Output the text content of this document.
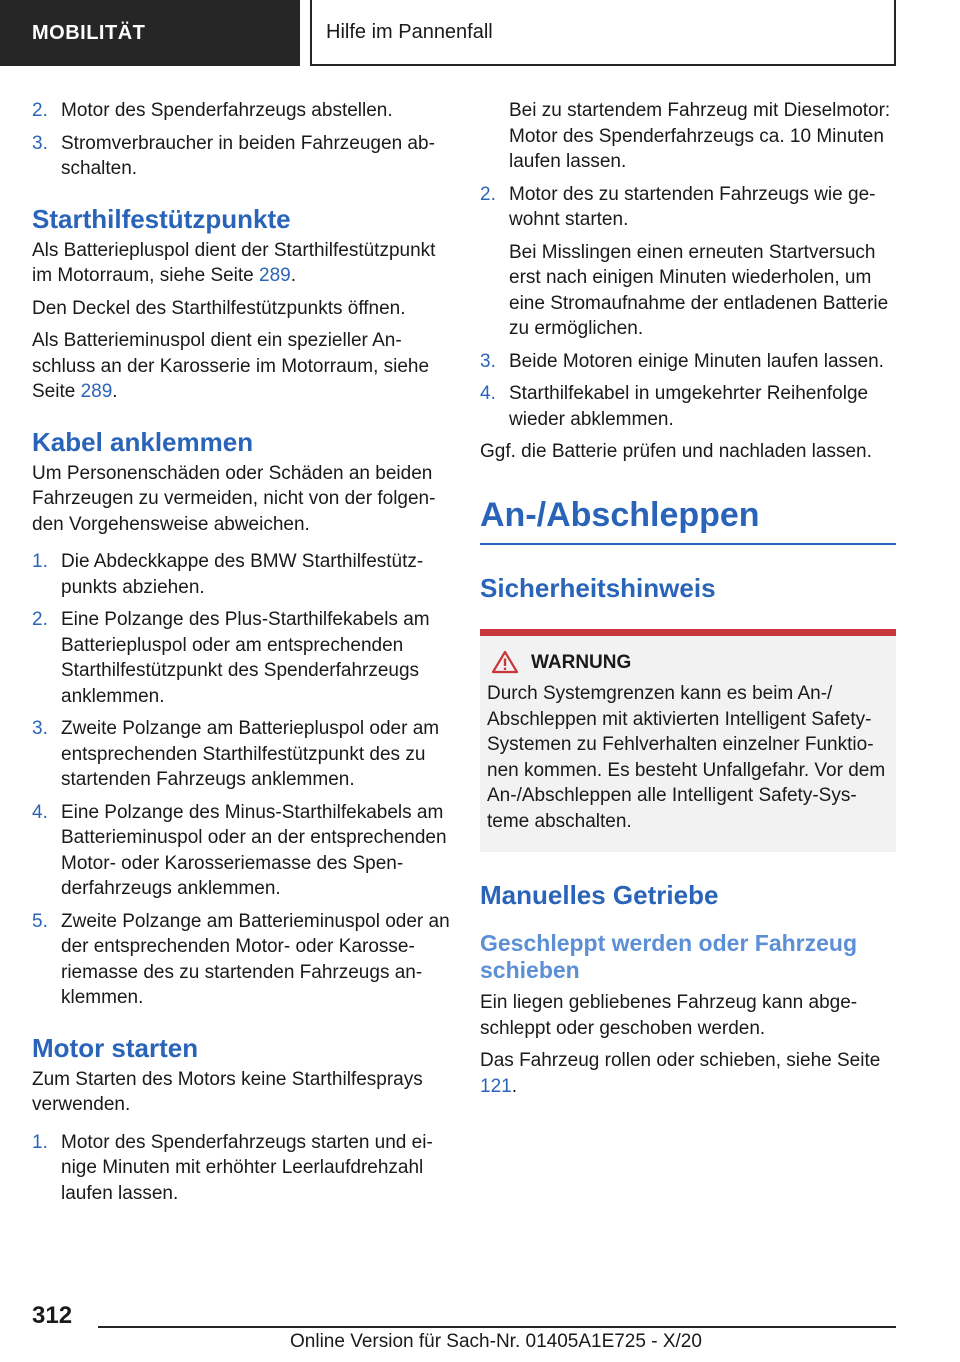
MOBILITÄT	Hilfe im Pannenfall
2. Motor des Spenderfahrzeugs abstellen.
3. Stromverbraucher in beiden Fahrzeugen abschalten.
Starthilfestützpunkte

Als Batteriepluspol dient der Starthilfestützpunkt im Motorraum, siehe Seite 289.

Den Deckel des Starthilfestützpunkts öffnen.

Als Batterieminuspol dient ein spezieller Anschluss an der Karosserie im Motorraum, siehe Seite 289.

Kabel anklemmen

Um Personenschäden oder Schäden an beiden Fahrzeugen zu vermeiden, nicht von der folgenden Vorgehensweise abweichen.

1. Die Abdeckkappe des BMW Starthilfestützpunkts abziehen.
2. Eine Polzange des Plus-Starthilfekabels am Batteriepluspol oder am entsprechenden Starthilfestützpunkt des Spenderfahrzeugs anklemmen.
3. Zweite Polzange am Batteriepluspol oder am entsprechenden Starthilfestützpunkt des zu startenden Fahrzeugs anklemmen.
4. Eine Polzange des Minus-Starthilfekabels am Batterieminuspol oder an der entsprechenden Motor- oder Karosseriemasse des Spenderfahrzeugs anklemmen.
5. Zweite Polzange am Batterieminuspol oder an der entsprechenden Motor- oder Karosseriemasse des zu startenden Fahrzeugs anklemmen.
Motor starten

Zum Starten des Motors keine Starthilfesprays verwenden.

1. Motor des Spenderfahrzeugs starten und einige Minuten mit erhöhter Leerlaufdrehzahl laufen lassen.
Bei zu startendem Fahrzeug mit Dieselmotor: Motor des Spenderfahrzeugs ca. 10 Minuten laufen lassen.
2. Motor des zu startenden Fahrzeugs wie gewohnt starten.
Bei Misslingen einen erneuten Startversuch erst nach einigen Minuten wiederholen, um eine Stromaufnahme der entladenen Batterie zu ermöglichen.
3. Beide Motoren einige Minuten laufen lassen.
4. Starthilfekabel in umgekehrter Reihenfolge wieder abklemmen.

Ggf. die Batterie prüfen und nachladen lassen.

An-/Abschleppen
Sicherheitshinweis
WARNUNG
Durch Systemgrenzen kann es beim An-/ Abschleppen mit aktivierten Intelligent Safety-Systemen zu Fehlverhalten einzelner Funktionen kommen. Es besteht Unfallgefahr. Vor dem An-/Abschleppen alle Intelligent Safety-Systeme abschalten.
Manuelles Getriebe
Geschleppt werden oder Fahrzeug schieben

Ein liegen gebliebenes Fahrzeug kann abgeschleppt oder geschoben werden.

Das Fahrzeug rollen oder schieben, siehe Seite 121.

312
Online Version für Sach-Nr. 01405A1E725 - X/20
